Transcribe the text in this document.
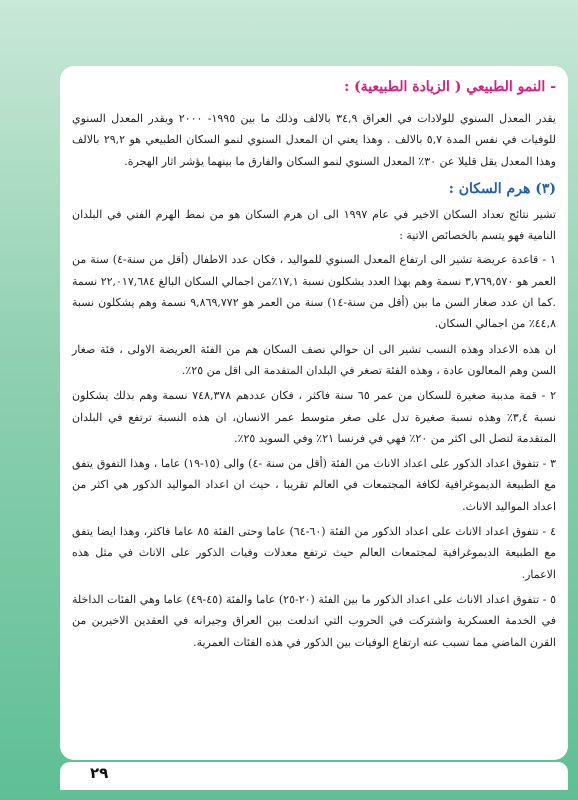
- النمو الطبيعي ( الزيادة الطبيعية) :
يقدر المعدل السنوي للولادات في العراق ٣٤,٩ بالالف وذلك ما بين ١٩٩٥- ٢٠٠٠ ويقدر المعدل السنوي للوفيات في نفس المدة ٥,٧ بالالف . وهذا يعني ان المعدل السنوي لنمو السكان الطبيعي هو ٢٩,٢ بالالف وهذا المعدل يقل قليلا عن ٣٠٪ المعدل السنوي لنمو السكان والفارق ما بينهما يؤشر اثار الهجرة.
(٣) هرم السكان :
تشير نتائج تعداد السكان الاخير في عام ١٩٩٧ الى ان هرم السكان هو من نمط الهرم الفتي في البلدان النامية فهو يتسم بالخصائص الاتية :
١ - قاعدة عريضة تشير الى ارتفاع المعدل السنوي للمواليد ، فكان عدد الاطفال (أقل من سنة-٤) سنة من العمر هو ٣,٧٦٩,٥٧٠ نسمة وهم بهذا العدد يشكلون نسبة ١٧,١٪من اجمالي السكان البالغ ٢٢,٠١٧,٦٨٤ نسمة .كما ان عدد صغار السن ما بين (أقل من سنة-١٤) سنة من العمر هو ٩,٨٦٩,٧٧٢ نسمة وهم يشكلون نسبة ٤٤,٨٪ من اجمالي السكان.
ان هذه الاعداد وهذه النسب تشير الى ان حوالي نصف السكان هم من الفئة العريضة الاولى ، فئة صغار السن وهم المعالون عادة ، وهذه الفئة تصغر في البلدان المتقدمة الى اقل من ٢٥٪.
٢ - قمة مدببة صغيرة للسكان من عمر ٦٥ سنة فاكثر ، فكان عددهم ٧٤٨,٣٧٨ نسمة وهم بذلك يشكلون نسبة ٣,٤٪ وهذه نسبة صغيرة تدل على صغر متوسط عمر الانسان، ان هذه النسبة ترتفع في البلدان المتقدمة لتصل الى اكثر من ٢٠٪ فهي في فرنسا ٢١٪ وفي السويد ٢٥٪.
٣ - تتفوق اعداد الذكور على اعداد الاناث من الفئة (أقل من سنة -٤) والى (١٥-١٩) عاما ، وهذا التفوق يتفق مع الطبيعة الديموغرافية لكافة المجتمعات في العالم تقريبا ، حيث ان اعداد المواليد الذكور هي اكثر من اعداد المواليد الاناث.
٤ - تتفوق اعداد الاناث على اعداد الذكور من الفئة (٦٠-٦٤) عاما وحتى الفئة ٨٥ عاما فاكثر، وهذا ايضا يتفق مع الطبيعة الديموغرافية لمجتمعات العالم حيث ترتفع معدلات وفيات الذكور على الاناث في مثل هذه الاعمار.
٥ - تتفوق اعداد الاناث على اعداد الذكور ما بين الفئة (٢٠-٢٥) عاما والفئة (٤٥-٤٩) عاما وهي الفئات الداخلة في الخدمة العسكرية واشتركت في الحروب التي اندلعت بين العراق وجيرانه في العقدين الاخيرين من القرن الماضي مما تسبب عنه ارتفاع الوفيات بين الذكور في هذه الفئات العمرية.
٢٩
